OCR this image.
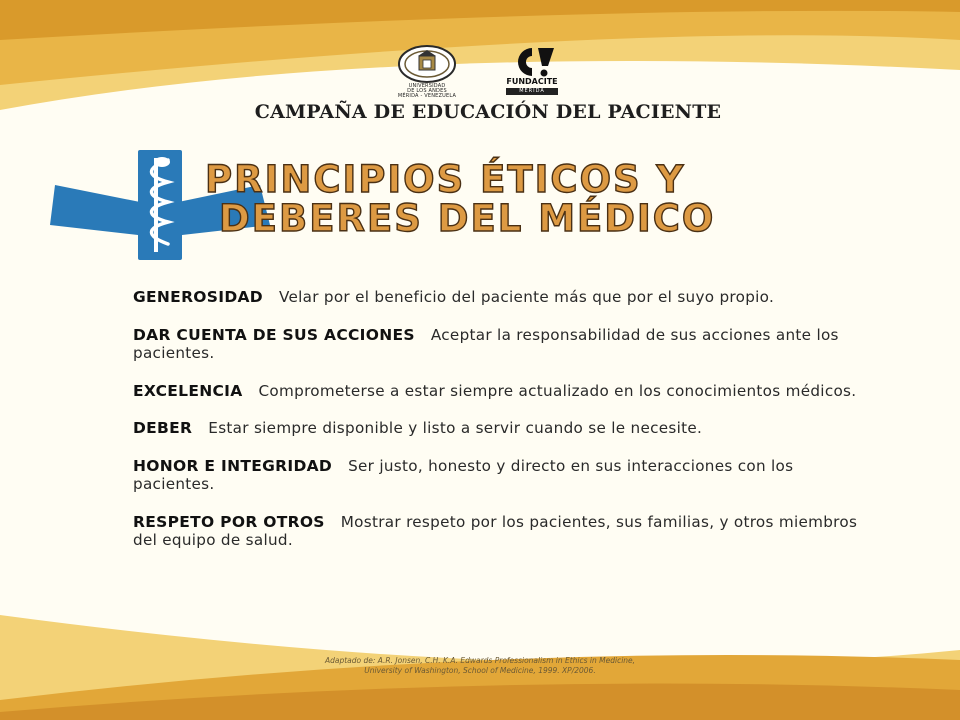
UNIVERSIDAD
DE LOS ANDES
MÉRIDA - VENEZUELA
FUNDACITE
MÉRIDA
CAMPAÑA DE EDUCACIÓN DEL PACIENTE
PRINCIPIOS ÉTICOS Y
DEBERES DEL MÉDICO
GENEROSIDAD Velar por el beneficio del paciente más que por el suyo propio.
DAR CUENTA DE SUS ACCIONES Aceptar la responsabilidad de sus acciones ante los pacientes.
EXCELENCIA Comprometerse a estar siempre actualizado en los conocimientos médicos.
DEBER Estar siempre disponible y listo a servir cuando se le necesite.
HONOR E INTEGRIDAD Ser justo, honesto y directo en sus interacciones con los pacientes.
RESPETO POR OTROS Mostrar respeto por los pacientes, sus familias, y otros miembros del equipo de salud.
Adaptado de: A.R. Jonsen, C.H. K.A. Edwards Professionalism in Ethics in Medicine,
University of Washington, School of Medicine, 1999. XP/2006.
